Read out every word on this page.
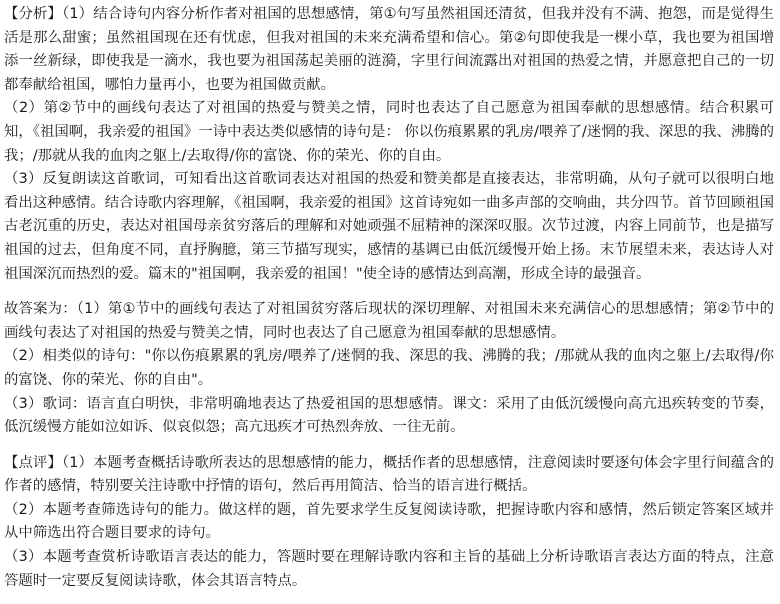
【分析】（1）结合诗句内容分析作者对祖国的思想感情，第①句写虽然祖国还清贫，但我并没有不满、抱怨，而是觉得生活是那么甜蜜；虽然祖国现在还有忧虑，但我对祖国的未来充满希望和信心。第②句即使我是一棵小草，我也要为祖国增添一丝新绿，即使我是一滴水，我也要为祖国荡起美丽的涟漪，字里行间流露出对祖国的热爱之情，并愿意把自己的一切都奉献给祖国，哪怕力量再小，也要为祖国做贡献。

（2）第②节中的画线句表达了对祖国的热爱与赞美之情，同时也表达了自己愿意为祖国奉献的思想感情。结合积累可知，《祖国啊，我亲爱的祖国》一诗中表达类似感情的诗句是： 你以伤痕累累的乳房/喂养了/迷惘的我、深思的我、沸腾的我；/那就从我的血肉之躯上/去取得/你的富饶、你的荣光、你的自由。

（3）反复朗读这首歌词，可知看出这首歌词表达对祖国的热爱和赞美都是直接表达，非常明确，从句子就可以很明白地看出这种感情。结合诗歌内容理解，《祖国啊，我亲爱的祖国》这首诗宛如一曲多声部的交响曲，共分四节。首节回顾祖国古老沉重的历史，表达对祖国母亲贫穷落后的理解和对她顽强不屈精神的深深叹服。次节过渡，内容上同前节，也是描写祖国的过去，但角度不同，直抒胸臆，第三节描写现实，感情的基调已由低沉缓慢开始上扬。末节展望未来，表达诗人对祖国深沉而热烈的爱。篇末的"祖国啊，我亲爱的祖国！"使全诗的感情达到高潮，形成全诗的最强音。

故答案为：（1）第①节中的画线句表达了对祖国贫穷落后现状的深切理解、对祖国未来充满信心的思想感情；第②节中的画线句表达了对祖国的热爱与赞美之情，同时也表达了自己愿意为祖国奉献的思想感情。

（2）相类似的诗句："你以伤痕累累的乳房/喂养了/迷惘的我、深思的我、沸腾的我；/那就从我的血肉之躯上/去取得/你的富饶、你的荣光、你的自由"。

（3）歌词：语言直白明快，非常明确地表达了热爱祖国的思想感情。课文：采用了由低沉缓慢向高亢迅疾转变的节奏，低沉缓慢方能如泣如诉、似哀似怨；高亢迅疾才可热烈奔放、一往无前。

【点评】（1）本题考查概括诗歌所表达的思想感情的能力，概括作者的思想感情，注意阅读时要逐句体会字里行间蕴含的作者的感情，特别要关注诗歌中抒情的语句，然后再用简洁、恰当的语言进行概括。

（2）本题考查筛选诗句的能力。做这样的题，首先要求学生反复阅读诗歌，把握诗歌内容和感情，然后锁定答案区域并从中筛选出符合题目要求的诗句。

（3）本题考查赏析诗歌语言表达的能力，答题时要在理解诗歌内容和主旨的基础上分析诗歌语言表达方面的特点，注意答题时一定要反复阅读诗歌，体会其语言特点。
